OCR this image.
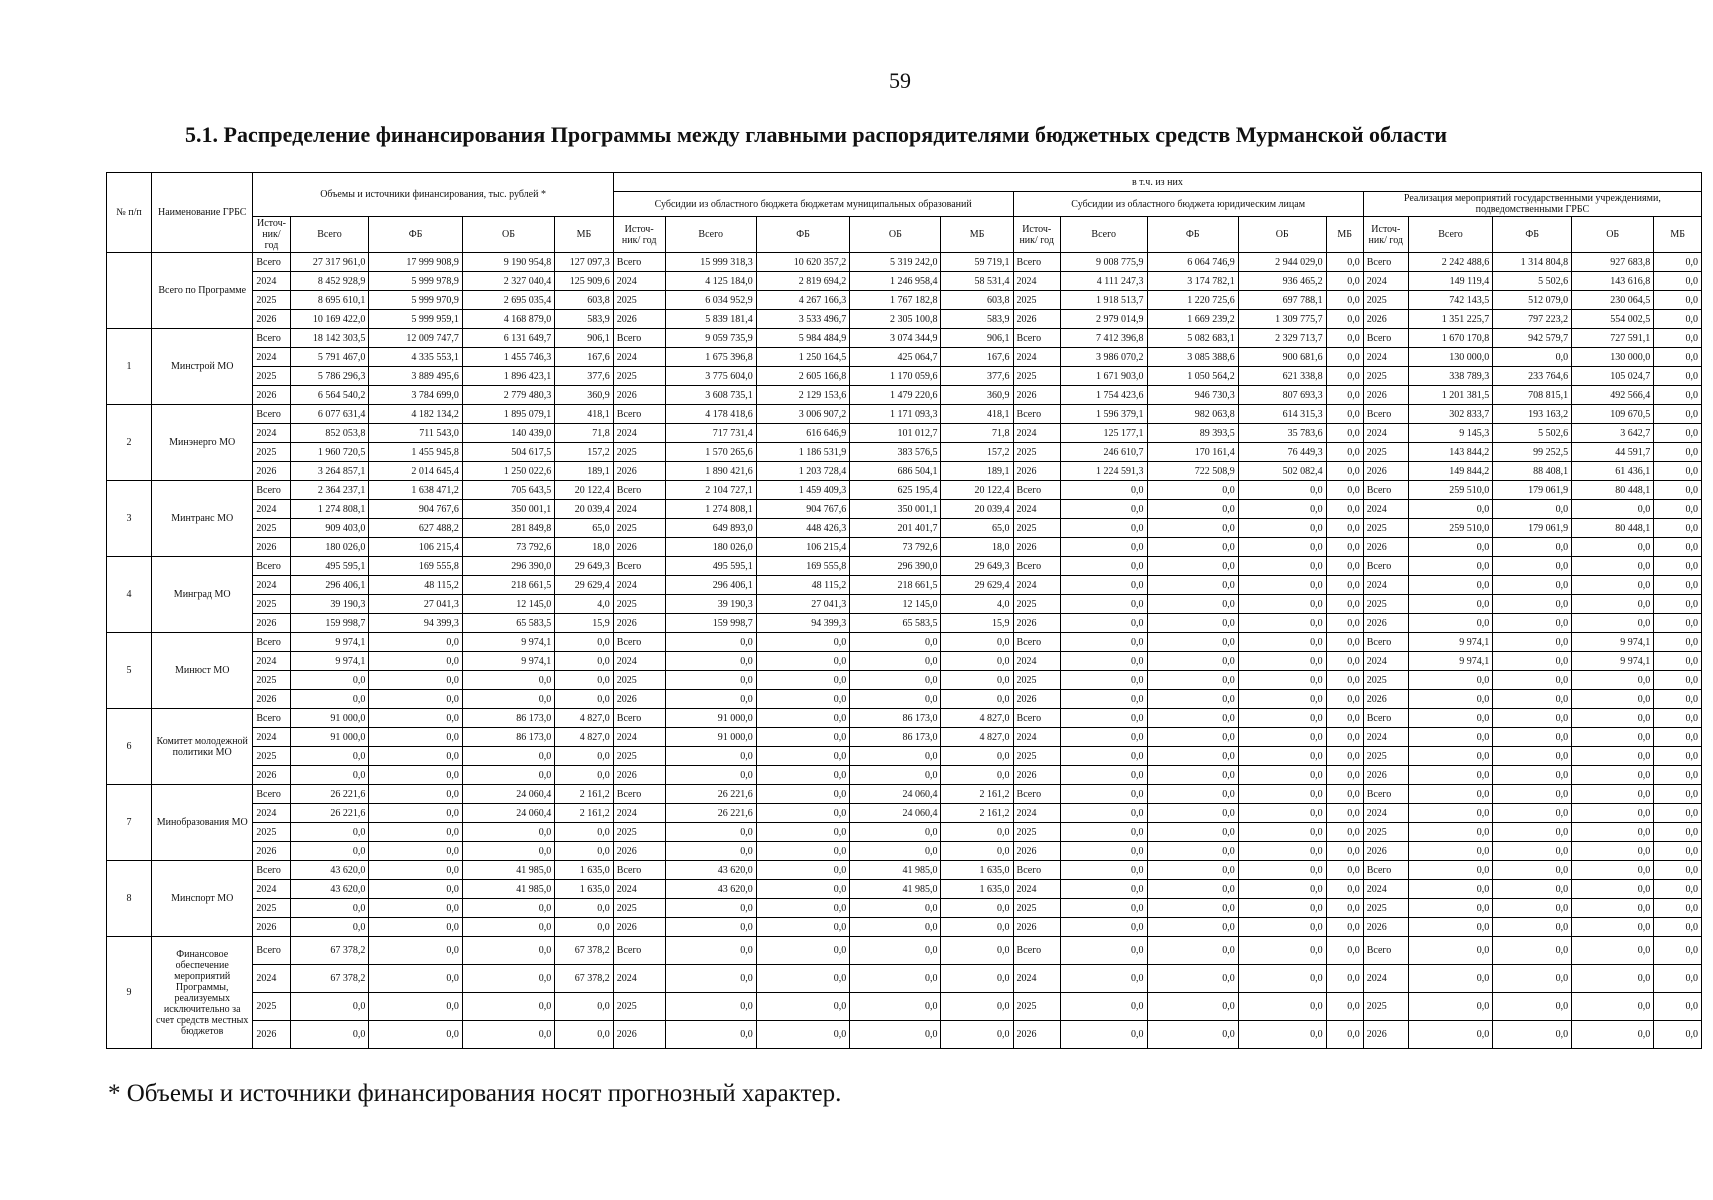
59
5.1. Распределение финансирования Программы между главными распорядителями бюджетных средств Мурманской области
№ п/п	Наименование ГРБС	Объемы и источники финансирования, тыс. рублей *					в т.ч. из них														
							Субсидии из областного бюджета бюджетам муниципальных образований					Субсидии из областного бюджета юридическим лицам					Реализация мероприятий государственными учреждениями, подведомственными ГРБС				
		Источ-ник/ год	Всего	ФБ	ОБ	МБ	Источ-ник/ год	Всего	ФБ	ОБ	МБ	Источ-ник/ год	Всего	ФБ	ОБ	МБ	Источ-ник/ год	Всего	ФБ	ОБ	МБ
	Всего по Программе	Всего	27 317 961,0	17 999 908,9	9 190 954,8	127 097,3	Всего	15 999 318,3	10 620 357,2	5 319 242,0	59 719,1	Всего	9 008 775,9	6 064 746,9	2 944 029,0	0,0	Всего	2 242 488,6	1 314 804,8	927 683,8	0,0
		2024	8 452 928,9	5 999 978,9	2 327 040,4	125 909,6	2024	4 125 184,0	2 819 694,2	1 246 958,4	58 531,4	2024	4 111 247,3	3 174 782,1	936 465,2	0,0	2024	149 119,4	5 502,6	143 616,8	0,0
		2025	8 695 610,1	5 999 970,9	2 695 035,4	603,8	2025	6 034 952,9	4 267 166,3	1 767 182,8	603,8	2025	1 918 513,7	1 220 725,6	697 788,1	0,0	2025	742 143,5	512 079,0	230 064,5	0,0
		2026	10 169 422,0	5 999 959,1	4 168 879,0	583,9	2026	5 839 181,4	3 533 496,7	2 305 100,8	583,9	2026	2 979 014,9	1 669 239,2	1 309 775,7	0,0	2026	1 351 225,7	797 223,2	554 002,5	0,0
1	Минстрой МО	Всего	18 142 303,5	12 009 747,7	6 131 649,7	906,1	Всего	9 059 735,9	5 984 484,9	3 074 344,9	906,1	Всего	7 412 396,8	5 082 683,1	2 329 713,7	0,0	Всего	1 670 170,8	942 579,7	727 591,1	0,0
		2024	5 791 467,0	4 335 553,1	1 455 746,3	167,6	2024	1 675 396,8	1 250 164,5	425 064,7	167,6	2024	3 986 070,2	3 085 388,6	900 681,6	0,0	2024	130 000,0	0,0	130 000,0	0,0
		2025	5 786 296,3	3 889 495,6	1 896 423,1	377,6	2025	3 775 604,0	2 605 166,8	1 170 059,6	377,6	2025	1 671 903,0	1 050 564,2	621 338,8	0,0	2025	338 789,3	233 764,6	105 024,7	0,0
		2026	6 564 540,2	3 784 699,0	2 779 480,3	360,9	2026	3 608 735,1	2 129 153,6	1 479 220,6	360,9	2026	1 754 423,6	946 730,3	807 693,3	0,0	2026	1 201 381,5	708 815,1	492 566,4	0,0
2	Минэнерго МО	Всего	6 077 631,4	4 182 134,2	1 895 079,1	418,1	Всего	4 178 418,6	3 006 907,2	1 171 093,3	418,1	Всего	1 596 379,1	982 063,8	614 315,3	0,0	Всего	302 833,7	193 163,2	109 670,5	0,0
		2024	852 053,8	711 543,0	140 439,0	71,8	2024	717 731,4	616 646,9	101 012,7	71,8	2024	125 177,1	89 393,5	35 783,6	0,0	2024	9 145,3	5 502,6	3 642,7	0,0
		2025	1 960 720,5	1 455 945,8	504 617,5	157,2	2025	1 570 265,6	1 186 531,9	383 576,5	157,2	2025	246 610,7	170 161,4	76 449,3	0,0	2025	143 844,2	99 252,5	44 591,7	0,0
		2026	3 264 857,1	2 014 645,4	1 250 022,6	189,1	2026	1 890 421,6	1 203 728,4	686 504,1	189,1	2026	1 224 591,3	722 508,9	502 082,4	0,0	2026	149 844,2	88 408,1	61 436,1	0,0
3	Минтранс МО	Всего	2 364 237,1	1 638 471,2	705 643,5	20 122,4	Всего	2 104 727,1	1 459 409,3	625 195,4	20 122,4	Всего	0,0	0,0	0,0	0,0	Всего	259 510,0	179 061,9	80 448,1	0,0
		2024	1 274 808,1	904 767,6	350 001,1	20 039,4	2024	1 274 808,1	904 767,6	350 001,1	20 039,4	2024	0,0	0,0	0,0	0,0	2024	0,0	0,0	0,0	0,0
		2025	909 403,0	627 488,2	281 849,8	65,0	2025	649 893,0	448 426,3	201 401,7	65,0	2025	0,0	0,0	0,0	0,0	2025	259 510,0	179 061,9	80 448,1	0,0
		2026	180 026,0	106 215,4	73 792,6	18,0	2026	180 026,0	106 215,4	73 792,6	18,0	2026	0,0	0,0	0,0	0,0	2026	0,0	0,0	0,0	0,0
4	Минград МО	Всего	495 595,1	169 555,8	296 390,0	29 649,3	Всего	495 595,1	169 555,8	296 390,0	29 649,3	Всего	0,0	0,0	0,0	0,0	Всего	0,0	0,0	0,0	0,0
		2024	296 406,1	48 115,2	218 661,5	29 629,4	2024	296 406,1	48 115,2	218 661,5	29 629,4	2024	0,0	0,0	0,0	0,0	2024	0,0	0,0	0,0	0,0
		2025	39 190,3	27 041,3	12 145,0	4,0	2025	39 190,3	27 041,3	12 145,0	4,0	2025	0,0	0,0	0,0	0,0	2025	0,0	0,0	0,0	0,0
		2026	159 998,7	94 399,3	65 583,5	15,9	2026	159 998,7	94 399,3	65 583,5	15,9	2026	0,0	0,0	0,0	0,0	2026	0,0	0,0	0,0	0,0
5	Минюст МО	Всего	9 974,1	0,0	9 974,1	0,0	Всего	0,0	0,0	0,0	0,0	Всего	0,0	0,0	0,0	0,0	Всего	9 974,1	0,0	9 974,1	0,0
		2024	9 974,1	0,0	9 974,1	0,0	2024	0,0	0,0	0,0	0,0	2024	0,0	0,0	0,0	0,0	2024	9 974,1	0,0	9 974,1	0,0
		2025	0,0	0,0	0,0	0,0	2025	0,0	0,0	0,0	0,0	2025	0,0	0,0	0,0	0,0	2025	0,0	0,0	0,0	0,0
		2026	0,0	0,0	0,0	0,0	2026	0,0	0,0	0,0	0,0	2026	0,0	0,0	0,0	0,0	2026	0,0	0,0	0,0	0,0
6	Комитет молодежной политики МО	Всего	91 000,0	0,0	86 173,0	4 827,0	Всего	91 000,0	0,0	86 173,0	4 827,0	Всего	0,0	0,0	0,0	0,0	Всего	0,0	0,0	0,0	0,0
		2024	91 000,0	0,0	86 173,0	4 827,0	2024	91 000,0	0,0	86 173,0	4 827,0	2024	0,0	0,0	0,0	0,0	2024	0,0	0,0	0,0	0,0
		2025	0,0	0,0	0,0	0,0	2025	0,0	0,0	0,0	0,0	2025	0,0	0,0	0,0	0,0	2025	0,0	0,0	0,0	0,0
		2026	0,0	0,0	0,0	0,0	2026	0,0	0,0	0,0	0,0	2026	0,0	0,0	0,0	0,0	2026	0,0	0,0	0,0	0,0
7	Минобразования МО	Всего	26 221,6	0,0	24 060,4	2 161,2	Всего	26 221,6	0,0	24 060,4	2 161,2	Всего	0,0	0,0	0,0	0,0	Всего	0,0	0,0	0,0	0,0
		2024	26 221,6	0,0	24 060,4	2 161,2	2024	26 221,6	0,0	24 060,4	2 161,2	2024	0,0	0,0	0,0	0,0	2024	0,0	0,0	0,0	0,0
		2025	0,0	0,0	0,0	0,0	2025	0,0	0,0	0,0	0,0	2025	0,0	0,0	0,0	0,0	2025	0,0	0,0	0,0	0,0
		2026	0,0	0,0	0,0	0,0	2026	0,0	0,0	0,0	0,0	2026	0,0	0,0	0,0	0,0	2026	0,0	0,0	0,0	0,0
8	Минспорт МО	Всего	43 620,0	0,0	41 985,0	1 635,0	Всего	43 620,0	0,0	41 985,0	1 635,0	Всего	0,0	0,0	0,0	0,0	Всего	0,0	0,0	0,0	0,0
		2024	43 620,0	0,0	41 985,0	1 635,0	2024	43 620,0	0,0	41 985,0	1 635,0	2024	0,0	0,0	0,0	0,0	2024	0,0	0,0	0,0	0,0
		2025	0,0	0,0	0,0	0,0	2025	0,0	0,0	0,0	0,0	2025	0,0	0,0	0,0	0,0	2025	0,0	0,0	0,0	0,0
		2026	0,0	0,0	0,0	0,0	2026	0,0	0,0	0,0	0,0	2026	0,0	0,0	0,0	0,0	2026	0,0	0,0	0,0	0,0
9	Финансовое обеспечение мероприятий Программы, реализуемых исключительно за счет средств местных бюджетов	Всего	67 378,2	0,0	0,0	67 378,2	Всего	0,0	0,0	0,0	0,0	Всего	0,0	0,0	0,0	0,0	Всего	0,0	0,0	0,0	0,0
		2024	67 378,2	0,0	0,0	67 378,2	2024	0,0	0,0	0,0	0,0	2024	0,0	0,0	0,0	0,0	2024	0,0	0,0	0,0	0,0
		2025	0,0	0,0	0,0	0,0	2025	0,0	0,0	0,0	0,0	2025	0,0	0,0	0,0	0,0	2025	0,0	0,0	0,0	0,0
		2026	0,0	0,0	0,0	0,0	2026	0,0	0,0	0,0	0,0	2026	0,0	0,0	0,0	0,0	2026	0,0	0,0	0,0	0,0
* Объемы и источники финансирования носят прогнозный характер.
